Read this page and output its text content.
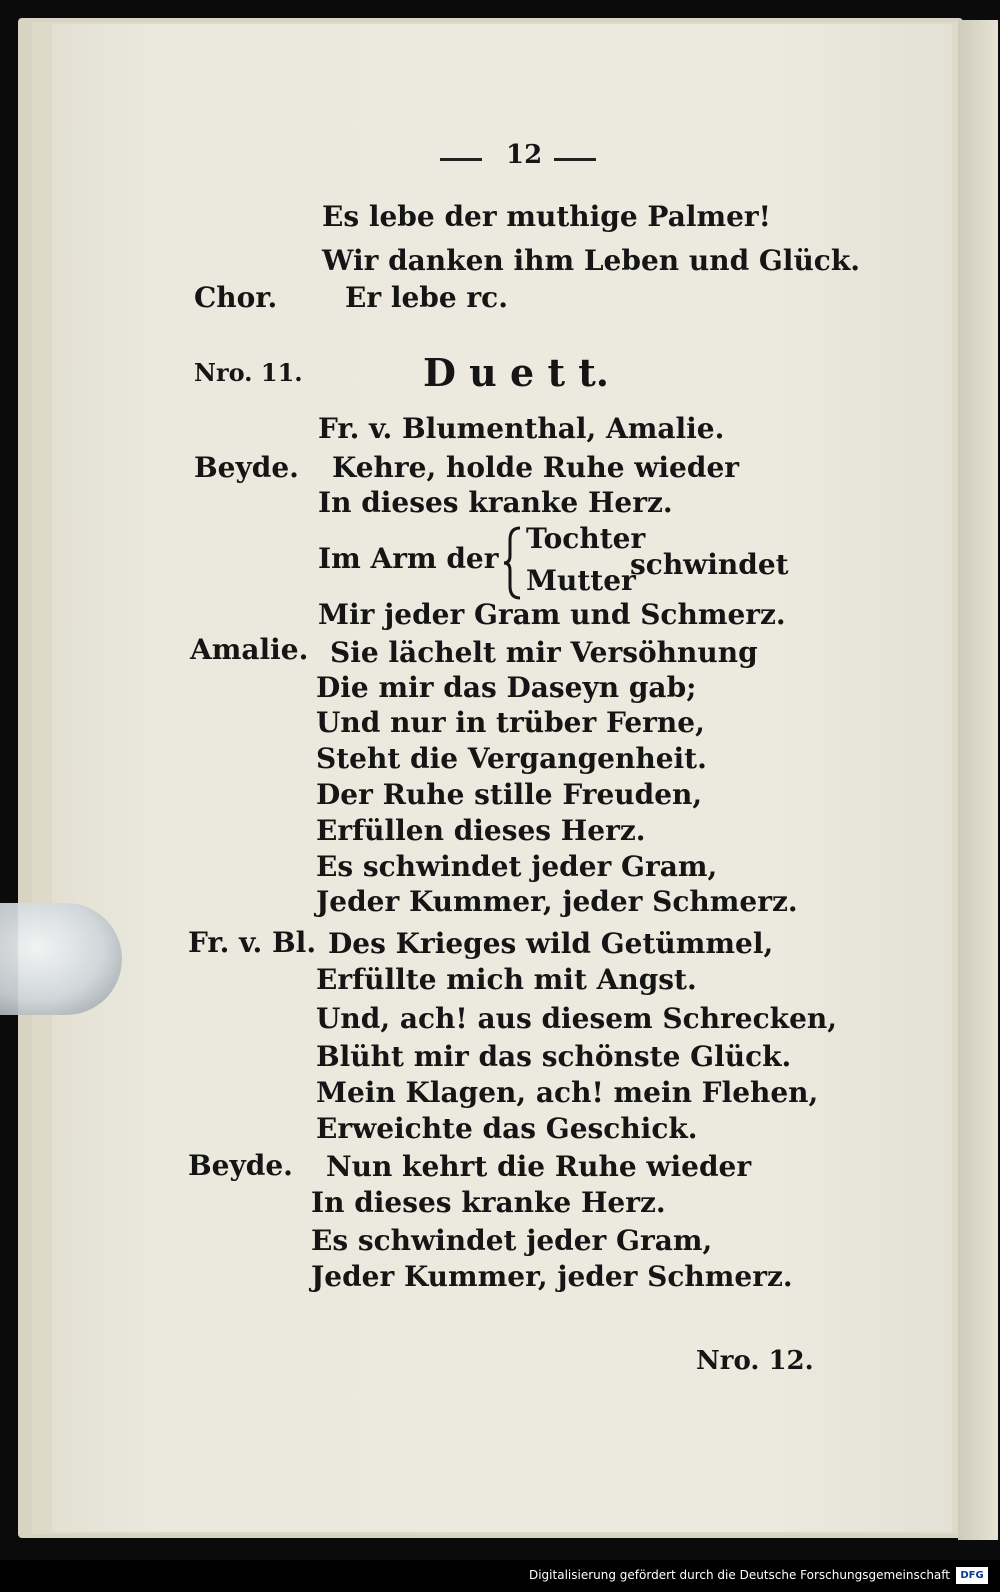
12
Es lebe der muthige Palmer!
Wir danken ihm Leben und Glück.
Chor. Er lebe rc.
Nro. 11.	D u e t t.
Fr. v. Blumenthal, Amalie.
Beyde. Kehre, holde Ruhe wieder
In dieses kranke Herz.
Im Arm der
Tochter
Mutter
schwindet
Mir jeder Gram und Schmerz.
Amalie. Sie lächelt mir Versöhnung
Die mir das Daseyn gab;
Und nur in trüber Ferne,
Steht die Vergangenheit.
Der Ruhe stille Freuden,
Erfüllen dieses Herz.
Es schwindet jeder Gram,
Jeder Kummer, jeder Schmerz.
Fr. v. Bl. Des Krieges wild Getümmel,
Erfüllte mich mit Angst.
Und, ach! aus diesem Schrecken,
Blüht mir das schönste Glück.
Mein Klagen, ach! mein Flehen,
Erweichte das Geschick.
Beyde. Nun kehrt die Ruhe wieder
In dieses kranke Herz.
Es schwindet jeder Gram,
Jeder Kummer, jeder Schmerz.
Nro. 12.
Digitalisierung gefördert durch die Deutsche Forschungsgemeinschaft	DFG
